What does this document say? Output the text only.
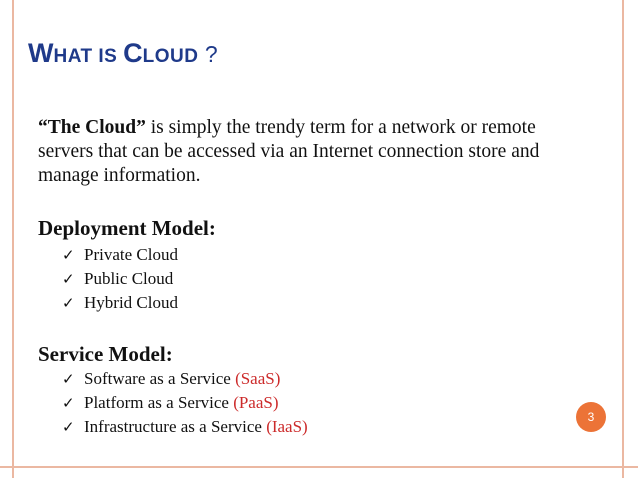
WHAT IS CLOUD ?
“The Cloud” is simply the trendy term for a network or remote servers that can be accessed via an Internet connection store and manage information.
Deployment Model:
✓ Private Cloud
✓ Public Cloud
✓ Hybrid Cloud
Service Model:
✓ Software as a Service (SaaS)
✓ Platform as a Service (PaaS)
✓ Infrastructure as a Service (IaaS)	3
